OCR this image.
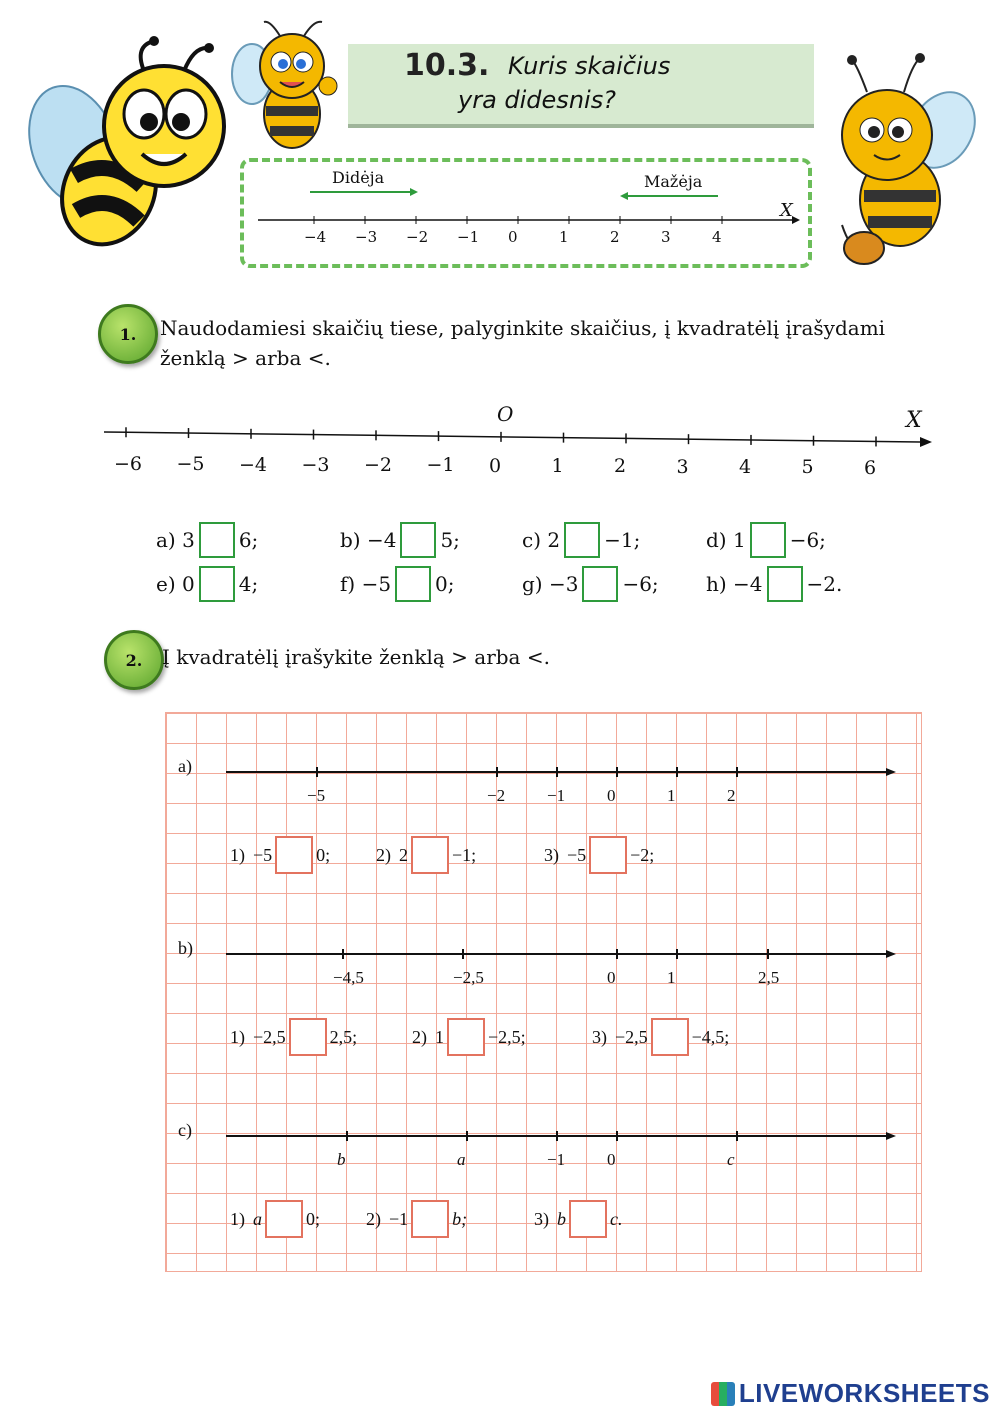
10.3. Kuris skaičius
yra didesnis?
Didėja	Mažėja
X
−4 −3 −2 −1 0	1	2	3	4
1. Naudodamiesi skaičių tiese, palyginkite skaičius, į kvadratėlį įrašydami
ženklą > arba <.
O	X
−6 −5 −4 −3 −2 −1 0	1	2	3	4	5	6
a) 3 6;	b) −4 5;	c) 2 −1;	d) 1 −6;
e) 0 4;	f) −5 0;	g) −3 −6; h) −4 −2.
2. Į kvadratėlį įrašykite ženklą > arba <.
a)
−5	−2 −1 0	1	2
1) −5 0;	2) 2 −1;	3) −5 −2;
b)
−4,5	−2,5	0	1	2,5
1) −2,5 2,5;	2) 1 −2,5;	3) −2,5 −4,5;
c)
b	a	−1 0	c
1) a 0;	2) −1 b;	3) b c.
LIVEWORKSHEETS
